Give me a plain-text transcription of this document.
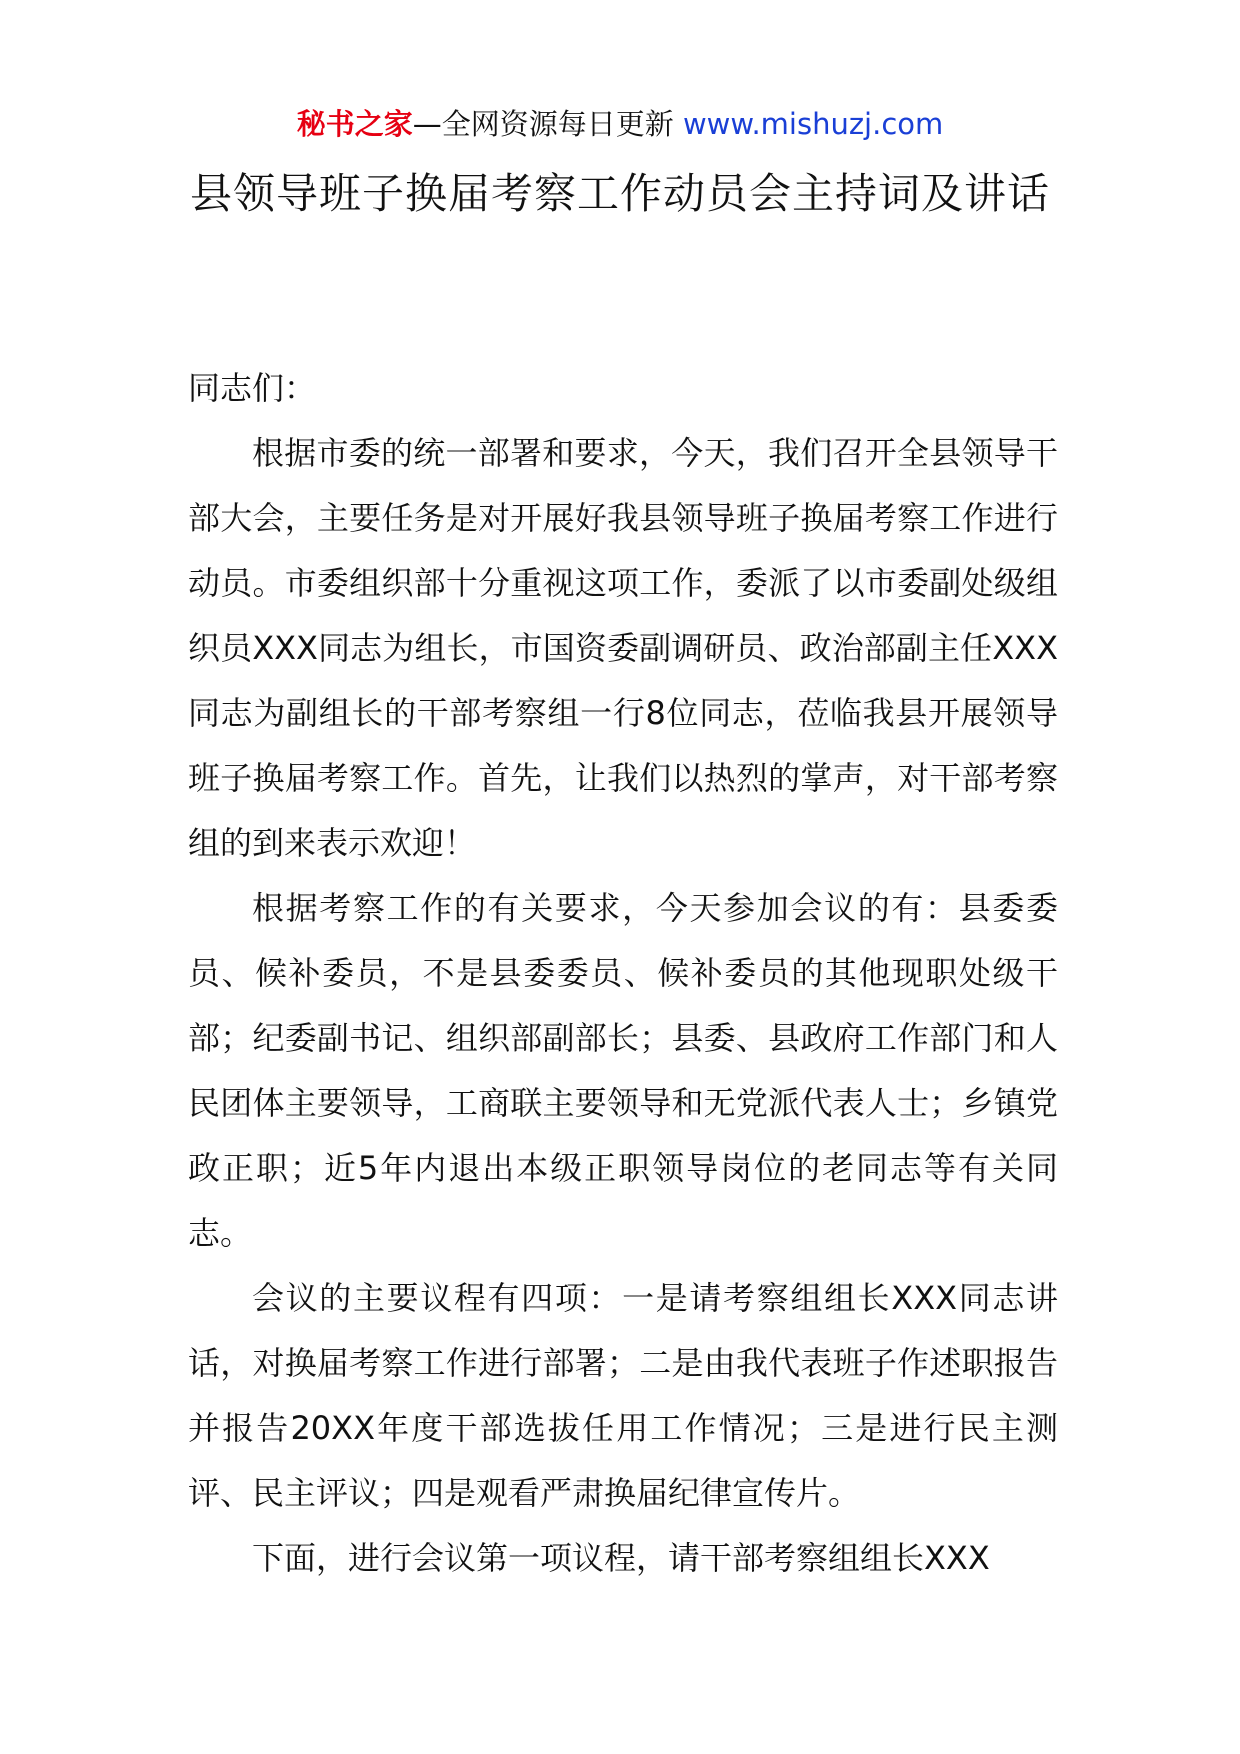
秘书之家—全网资源每日更新 www.mishuzj.com
县领导班子换届考察工作动员会主持词及讲话

同志们：

根据市委的统一部署和要求，今天，我们召开全县领导干部大会，主要任务是对开展好我县领导班子换届考察工作进行动员。市委组织部十分重视这项工作，委派了以市委副处级组织员XXX同志为组长，市国资委副调研员、政治部副主任XXX同志为副组长的干部考察组一行8位同志，莅临我县开展领导班子换届考察工作。首先，让我们以热烈的掌声，对干部考察组的到来表示欢迎！

根据考察工作的有关要求，今天参加会议的有：县委委员、候补委员，不是县委委员、候补委员的其他现职处级干部；纪委副书记、组织部副部长；县委、县政府工作部门和人民团体主要领导，工商联主要领导和无党派代表人士；乡镇党政正职；近5年内退出本级正职领导岗位的老同志等有关同志。

会议的主要议程有四项：一是请考察组组长XXX同志讲话，对换届考察工作进行部署；二是由我代表班子作述职报告并报告20XX年度干部选拔任用工作情况；三是进行民主测评、民主评议；四是观看严肃换届纪律宣传片。

下面，进行会议第一项议程，请干部考察组组长XXX
